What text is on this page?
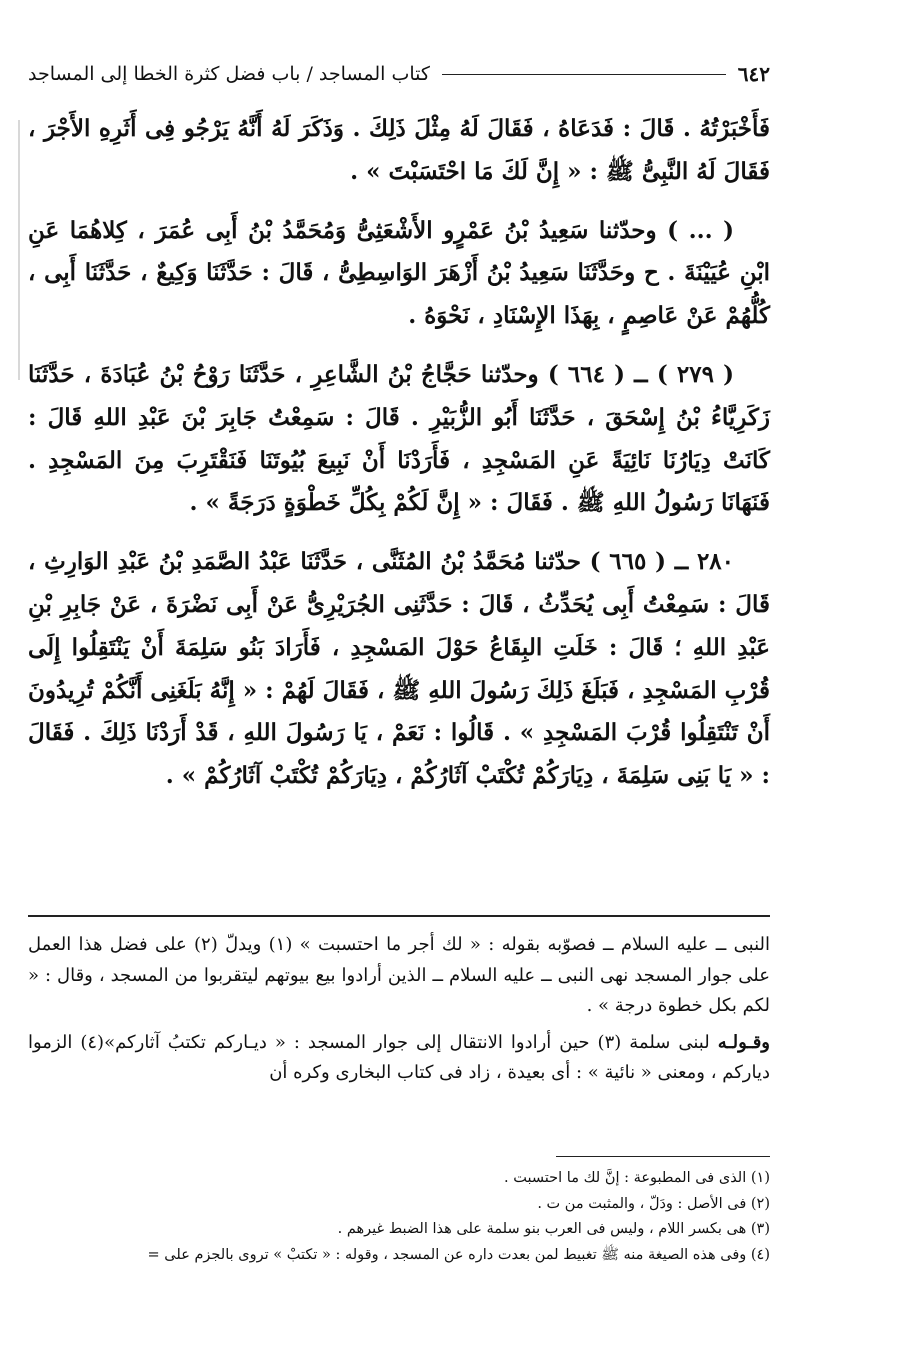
٦٤٢
كتاب المساجد / باب فضل كثرة الخطا إلى المساجد

فَأَخْبَرْتُهُ . قَالَ : فَدَعَاهُ ، فَقَالَ لَهُ مِثْلَ ذَلِكَ . وَذَكَرَ لَهُ أَنَّهُ يَرْجُو فِى أَثَرِهِ الأَجْرَ ، فَقَالَ لَهُ النَّبِىُّ ﷺ : « إِنَّ لَكَ مَا احْتَسَبْتَ » .

( ... ) وحدّثنا سَعِيدُ بْنُ عَمْرٍو الأَشْعَثِىُّ وَمُحَمَّدُ بْنُ أَبِى عُمَرَ ، كِلاهُمَا عَنِ ابْنِ عُيَيْنَةَ . ح وحَدَّثَنَا سَعِيدُ بْنُ أَزْهَرَ الوَاسِطِىُّ ، قَالَ : حَدَّثَنَا وَكِيعٌ ، حَدَّثَنَا أَبِى ، كُلُّهُمْ عَنْ عَاصِمٍ ، بِهَذَا الإِسْنَادِ ، نَحْوَهُ .

( ٢٧٩ ) ــ ( ٦٦٤ ) وحدّثنا حَجَّاجُ بْنُ الشَّاعِرِ ، حَدَّثَنَا رَوْحُ بْنُ عُبَادَةَ ، حَدَّثَنَا زَكَرِيَّاءُ بْنُ إِسْحَقَ ، حَدَّثَنَا أَبُو الزُّبَيْرِ . قَالَ : سَمِعْتُ جَابِرَ بْنَ عَبْدِ اللهِ قَالَ : كَانَتْ دِيَارُنَا نَائِيَةً عَنِ المَسْجِدِ ، فَأَرَدْنَا أَنْ نَبِيعَ بُيُوتَنَا فَنَقْتَرِبَ مِنَ المَسْجِدِ . فَنَهَانَا رَسُولُ اللهِ ﷺ . فَقَالَ : « إِنَّ لَكُمْ بِكُلِّ خَطْوَةٍ دَرَجَةً » .

٢٨٠ ــ ( ٦٦٥ ) حدّثنا مُحَمَّدُ بْنُ المُثَنَّى ، حَدَّثَنَا عَبْدُ الصَّمَدِ بْنُ عَبْدِ الوَارِثِ ، قَالَ : سَمِعْتُ أَبِى يُحَدِّثُ ، قَالَ : حَدَّثَنِى الجُرَيْرِىُّ عَنْ أَبِى نَضْرَةَ ، عَنْ جَابِرِ بْنِ عَبْدِ اللهِ ؛ قَالَ : خَلَتِ البِقَاعُ حَوْلَ المَسْجِدِ ، فَأَرَادَ بَنُو سَلِمَةَ أَنْ يَنْتَقِلُوا إِلَى قُرْبِ المَسْجِدِ ، فَبَلَغَ ذَلِكَ رَسُولَ اللهِ ﷺ ، فَقَالَ لَهُمْ : « إِنَّهُ بَلَغَنِى أَنَّكُمْ تُرِيدُونَ أَنْ تَنْتَقِلُوا قُرْبَ المَسْجِدِ » . قَالُوا : نَعَمْ ، يَا رَسُولَ اللهِ ، قَدْ أَرَدْنَا ذَلِكَ . فَقَالَ : « يَا بَنِى سَلِمَةَ ، دِيَارَكُمْ تُكْتَبْ آثَارُكُمْ ، دِيَارَكُمْ تُكْتَبْ آثَارُكُمْ » .

النبى ــ عليه السلام ــ فصوّبه بقوله : « لك أجر ما احتسبت » (١) ويدلّ (٢) على فضل هذا العمل على جوار المسجد نهى النبى ــ عليه السلام ــ الذين أرادوا بيع بيوتهم ليتقربوا من المسجد ، وقال : « لكم بكل خطوة درجة » .

وقـولـه لبنى سلمة (٣) حين أرادوا الانتقال إلى جوار المسجد : « ديـاركم تكتبُ آثاركم»(٤) الزموا دياركم ، ومعنى « نائية » : أى بعيدة ، زاد فى كتاب البخارى وكره أن

(١) الذى فى المطبوعة : إنَّ لك ما احتسبت .
(٢) فى الأصل : ودَلّ ، والمثبت من ت .
(٣) هى بكسر اللام ، وليس فى العرب بنو سلمة على هذا الضبط غيرهم .
(٤) وفى هذه الصيغة منه ﷺ تغبيط لمن بعدت داره عن المسجد ، وقوله : « تكتبْ » تروى بالجزم على =
